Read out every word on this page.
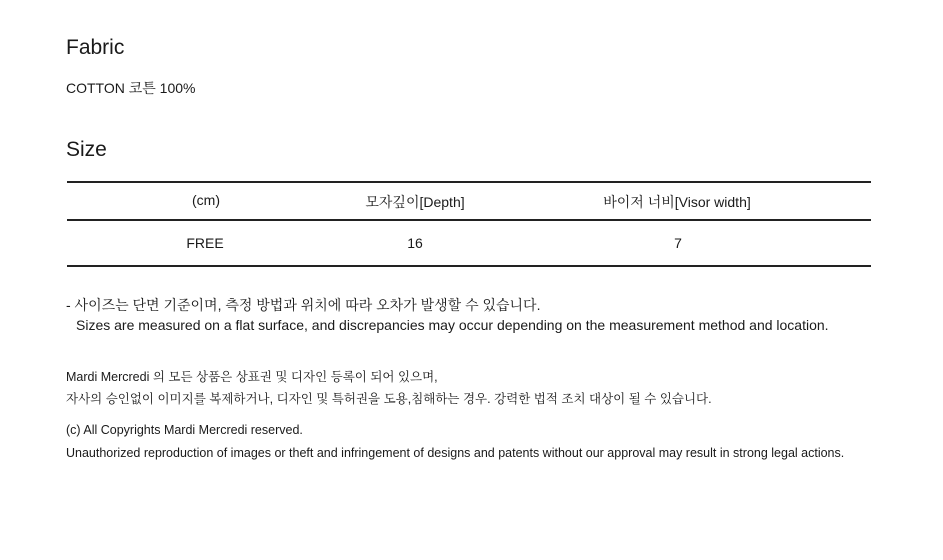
Fabric
COTTON 코튼 100%
Size
(cm)	모자깊이[Depth]	바이저 너비[Visor width]
FREE	16	7
- 사이즈는 단면 기준이며, 측정 방법과 위치에 따라 오차가 발생할 수 있습니다.
Sizes are measured on a flat surface, and discrepancies may occur depending on the measurement method and location.
Mardi Mercredi 의 모든 상품은 상표권 및 디자인 등록이 되어 있으며,
자사의 승인없이 이미지를 복제하거나, 디자인 및 특허권을 도용,침해하는 경우. 강력한 법적 조치 대상이 될 수 있습니다.
(c) All Copyrights Mardi Mercredi reserved.
Unauthorized reproduction of images or theft and infringement of designs and patents without our approval may result in strong legal actions.
